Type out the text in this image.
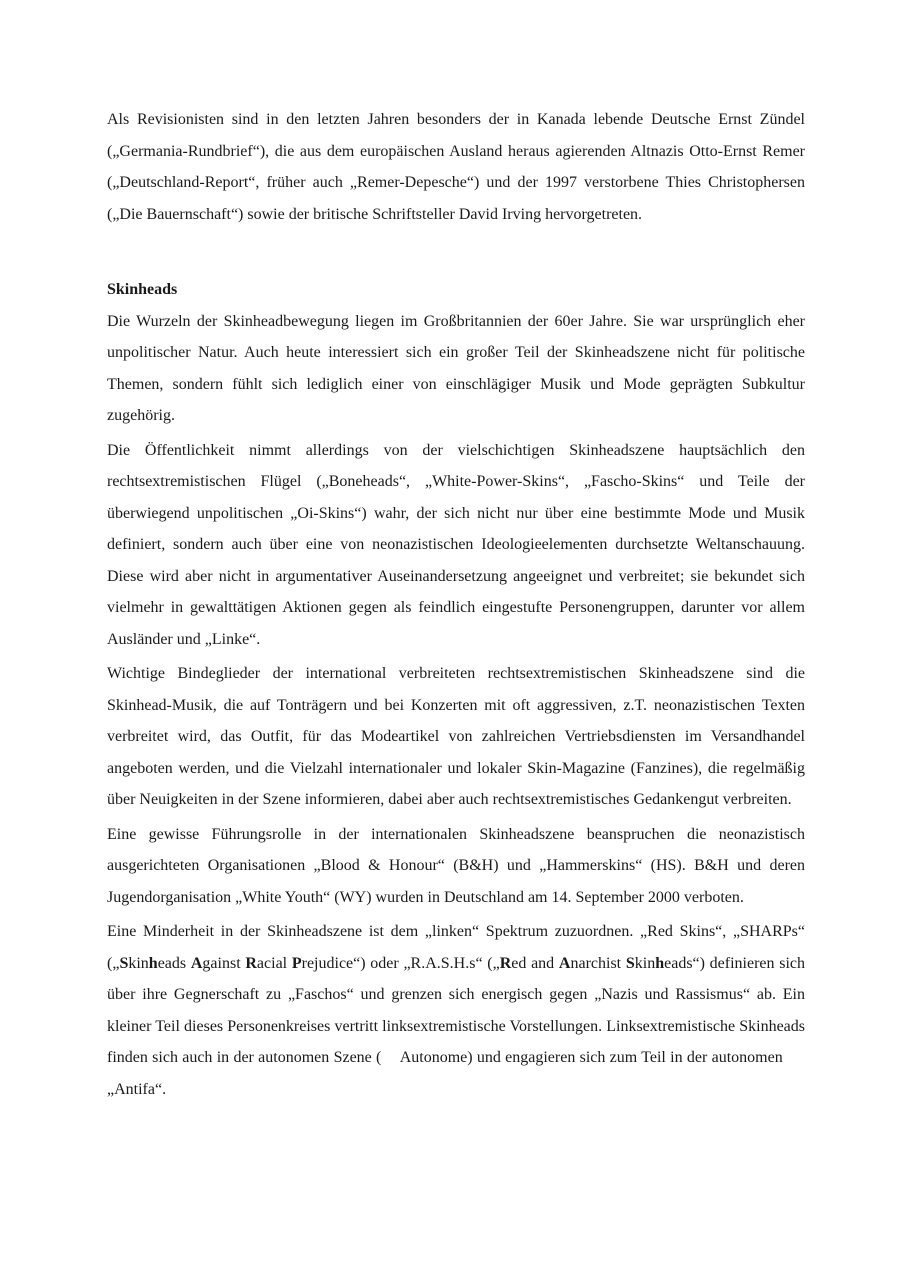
Als Revisionisten sind in den letzten Jahren besonders der in Kanada lebende Deutsche Ernst Zündel („Germania-Rundbrief“), die aus dem europäischen Ausland heraus agierenden Altnazis Otto-Ernst Remer („Deutschland-Report“, früher auch „Remer-Depesche“) und der 1997 verstorbene Thies Christophersen („Die Bauernschaft“) sowie der britische Schriftsteller David Irving hervorgetreten.

Skinheads

Die Wurzeln der Skinheadbewegung liegen im Großbritannien der 60er Jahre. Sie war ursprünglich eher unpolitischer Natur. Auch heute interessiert sich ein großer Teil der Skinheadszene nicht für politische Themen, sondern fühlt sich lediglich einer von einschlägiger Musik und Mode geprägten Subkultur zugehörig.

Die Öffentlichkeit nimmt allerdings von der vielschichtigen Skinheadszene hauptsächlich den rechtsextremistischen Flügel („Boneheads“, „White-Power-Skins“, „Fascho-Skins“ und Teile der überwiegend unpolitischen „Oi-Skins“) wahr, der sich nicht nur über eine bestimmte Mode und Musik definiert, sondern auch über eine von neonazistischen Ideologieelementen durchsetzte Weltanschauung. Diese wird aber nicht in argumentativer Auseinandersetzung angeeignet und verbreitet; sie bekundet sich vielmehr in gewalttätigen Aktionen gegen als feindlich eingestufte Personengruppen, darunter vor allem Ausländer und „Linke“.

Wichtige Bindeglieder der international verbreiteten rechtsextremistischen Skinheadszene sind die Skinhead-Musik, die auf Tonträgern und bei Konzerten mit oft aggressiven, z.T. neonazistischen Texten verbreitet wird, das Outfit, für das Modeartikel von zahlreichen Vertriebsdiensten im Versandhandel angeboten werden, und die Vielzahl internationaler und lokaler Skin-Magazine (Fanzines), die regelmäßig über Neuigkeiten in der Szene informieren, dabei aber auch rechtsextremistisches Gedankengut verbreiten.

Eine gewisse Führungsrolle in der internationalen Skinheadszene beanspruchen die neonazistisch ausgerichteten Organisationen „Blood & Honour“ (B&H) und „Hammerskins“ (HS). B&H und deren Jugendorganisation „White Youth“ (WY) wurden in Deutschland am 14. September 2000 verboten.

Eine Minderheit in der Skinheadszene ist dem „linken“ Spektrum zuzuordnen. „Red Skins“, „SHARPs“ („Skinheads Against Racial Prejudice“) oder „R.A.S.H.s“ („Red and Anarchist Skinheads“) definieren sich über ihre Gegnerschaft zu „Faschos“ und grenzen sich energisch gegen „Nazis und Rassismus“ ab. Ein kleiner Teil dieses Personenkreises vertritt linksextremistische Vorstellungen. Linksextremistische Skinheads finden sich auch in der autonomen Szene ( Autonome) und engagieren sich zum Teil in der autonomen „Antifa“.
